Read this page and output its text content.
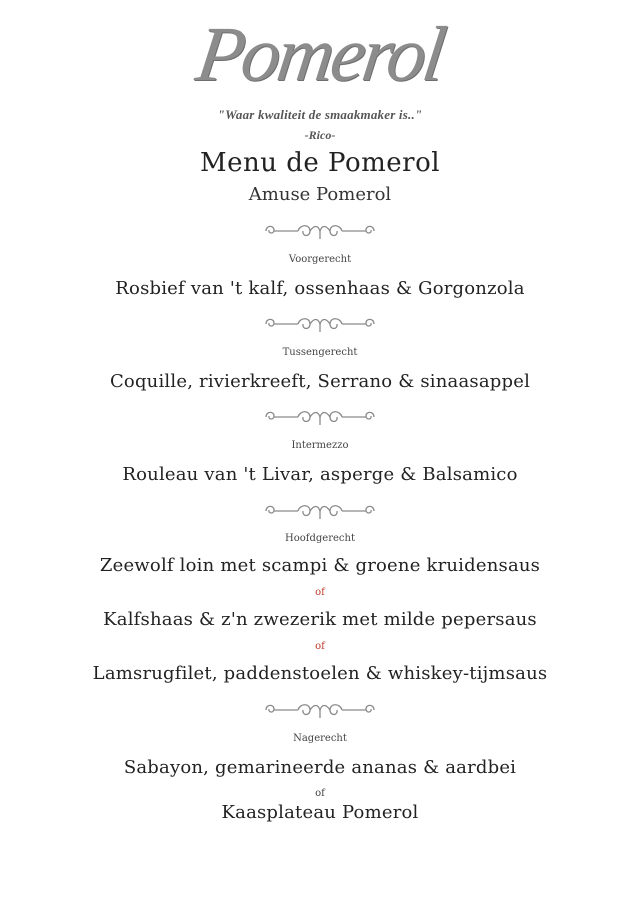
Pomerol
"Waar kwaliteit de smaakmaker is.."
-Rico-
Menu de Pomerol
Amuse Pomerol
Voorgerecht
Rosbief van 't kalf, ossenhaas & Gorgonzola
Tussengerecht
Coquille, rivierkreeft, Serrano & sinaasappel
Intermezzo
Rouleau van 't Livar, asperge & Balsamico
Hoofdgerecht
Zeewolf loin met scampi & groene kruidensaus
of
Kalfshaas & z'n zwezerik met milde pepersaus
of
Lamsrugfilet, paddenstoelen & whiskey-tijmsaus
Nagerecht
Sabayon, gemarineerde ananas & aardbei
of
Kaasplateau Pomerol
